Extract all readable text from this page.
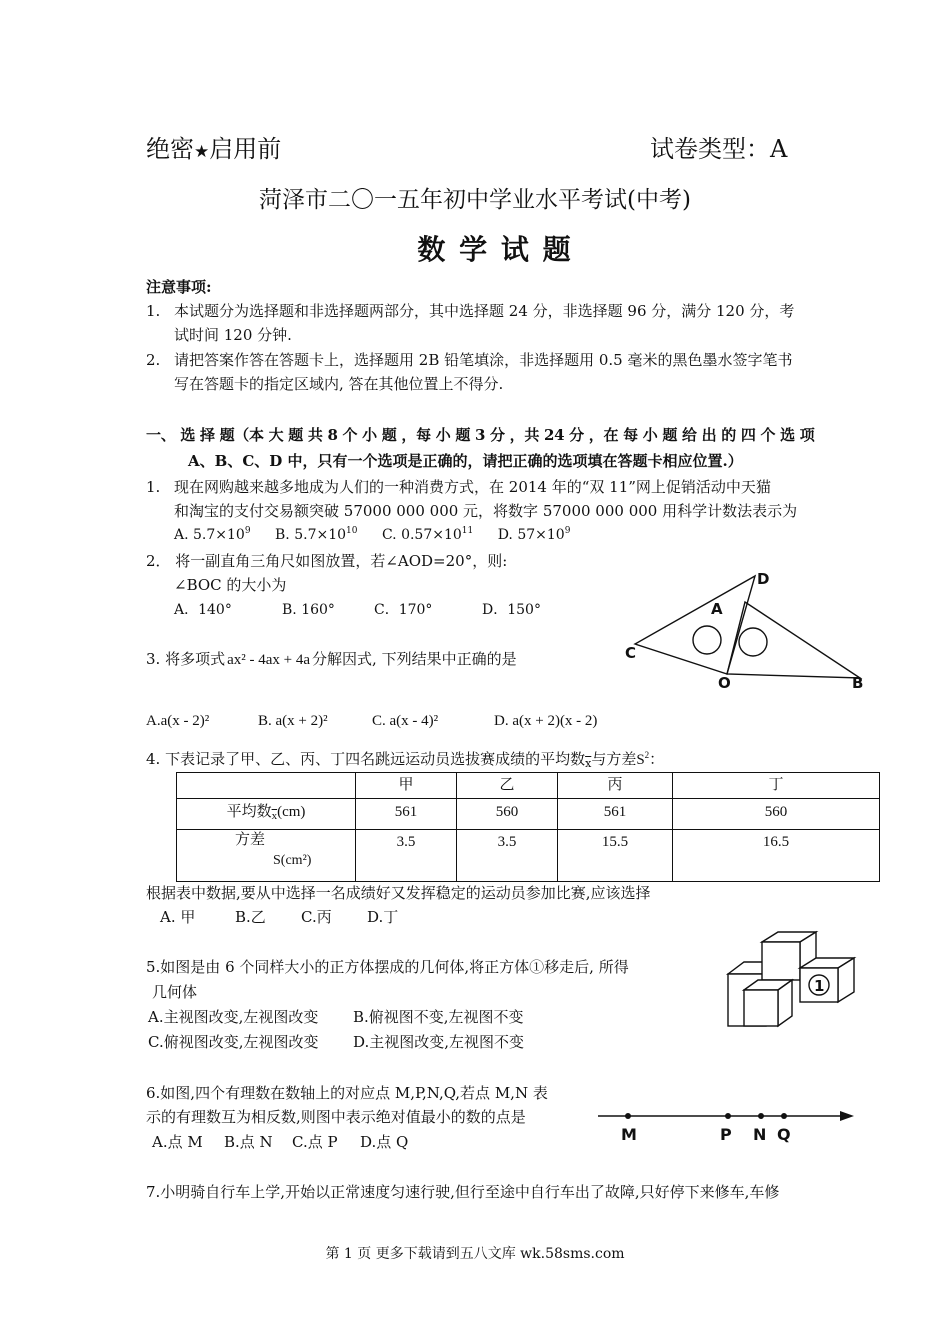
绝密★启用前	试卷类型：A
菏泽市二〇一五年初中学业水平考试(中考)
数 学 试 题
注意事项:
1. 本试题分为选择题和非选择题两部分，其中选择题 24 分，非选择题 96 分，满分 120 分，考
试时间 120 分钟.
2. 请把答案作答在答题卡上，选择题用 2B 铅笔填涂，非选择题用 0.5 毫米的黑色墨水签字笔书
写在答题卡的指定区域内, 答在其他位置上不得分.
一、 选 择 题（本 大 题 共 8 个 小 题 ，每 小 题 3 分 ，共 24 分 ，在 每 小 题 给 出 的 四 个 选 项
A、B、C、D 中，只有一个选项是正确的，请把正确的选项填在答题卡相应位置.）
1. 现在网购越来越多地成为人们的一种消费方式，在 2014 年的“双 11”网上促销活动中天猫
和淘宝的支付交易额突破 57000 000 000 元，将数字 57000 000 000 用科学计数法表示为
A. $5.7\times 10^9$ B. $5.7\times 10^{10}$ C. $0.57\times 10^{11}$ D. $57\times 10^9$
2． 将一副直角三角尺如图放置，若∠AOD=20°，则:
∠BOC 的大小为
A．140°	B. 160°	C．170°	D．150°
D
A
C
O	B
3. 将多项式 ax² - 4ax + 4a 分解因式, 下列结果中正确的是
A.a(x - 2)²	B. a(x + 2)²	C. a(x - 4)²	D. a(x + 2)(x - 2)
4. 下表记录了甲、乙、丙、丁四名跳远运动员选拔赛成绩的平均数$_{\overline{x}}$与方差$S^2$：
	甲	乙	丙	丁
平均数$_{\overline{x}}$(cm)	561	560	561	560

方差
S(cm²)	3.5	3.5	15.5	16.5
根据表中数据,要从中选择一名成绩好又发挥稳定的运动员参加比赛,应该选择
A. 甲	B.乙 C.丙 D.丁
5.如图是由 6 个同样大小的正方体摆成的几何体,将正方体①移走后, 所得
几何体
A.主视图改变,左视图改变 B.俯视图不变,左视图不变
C.俯视图改变,左视图改变 D.主视图改变,左视图不变
1
6.如图,四个有理数在数轴上的对应点 M,P,N,Q,若点 M,N 表
示的有理数互为相反数,则图中表示绝对值最小的数的点是
A.点 M B.点 N C.点 P D.点 Q	M	P N Q
7.小明骑自行车上学,开始以正常速度匀速行驶,但行至途中自行车出了故障,只好停下来修车,车修
第 1 页 更多下载请到五八文库 wk.58sms.com
